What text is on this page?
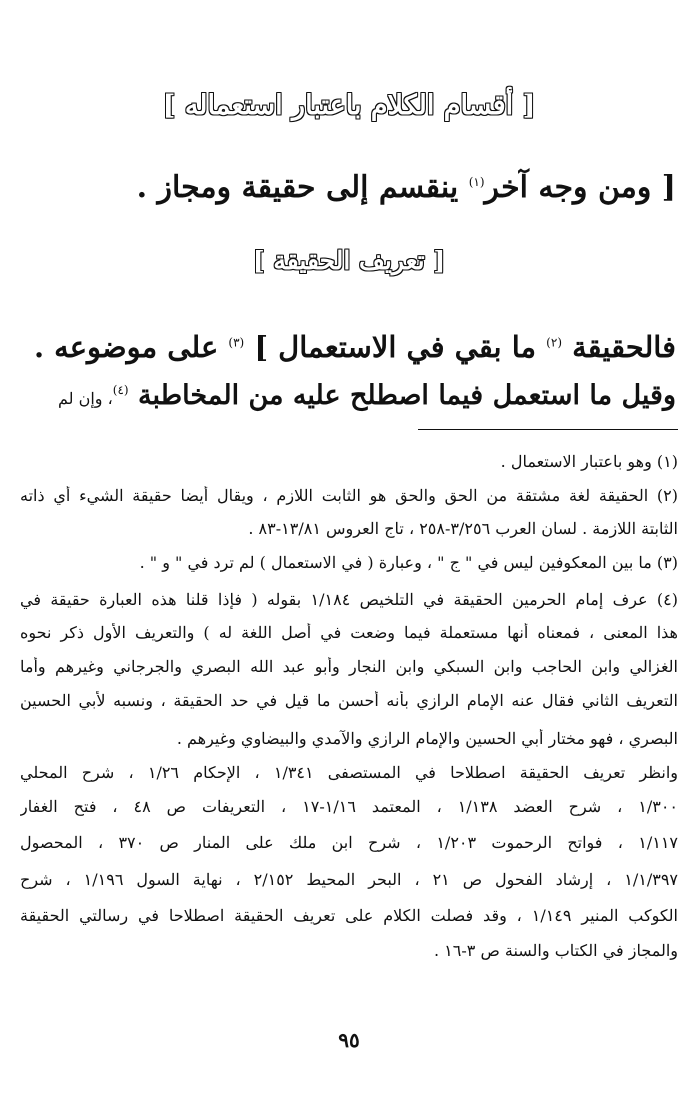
[ أقسام الكلام باعتبار استعماله ]
[ ومن وجه آخر$^{(١)}$ ينقسم إلى حقيقة ومجاز .
[ تعريف الحقيقة ]
فالحقيقة $^{(٢)}$ ما بقي في الاستعمال ] $^{(٣)}$ على موضوعه .
وقيل ما استعمل فيما اصطلح عليه من المخاطبة $^{(٤)}$، وإن لم
(١) وهو باعتبار الاستعمال .
(٢) الحقيقة لغة مشتقة من الحق والحق هو الثابت اللازم ، ويقال أيضا حقيقة الشيء أي ذاته
الثابتة اللازمة . لسان العرب ٣/٢٥٦-٢٥٨ ، تاج العروس ١٣/٨١-٨٣ .
(٣) ما بين المعكوفين ليس في " ج " ، وعبارة ( في الاستعمال ) لم ترد في " و " .
(٤) عرف إمام الحرمين الحقيقة في التلخيص ١/١٨٤ بقوله ( فإذا قلنا هذه العبارة حقيقة في
هذا المعنى ، فمعناه أنها مستعملة فيما وضعت في أصل اللغة له ) والتعريف الأول ذكر نحوه
الغزالي وابن الحاجب وابن السبكي وابن النجار وأبو عبد الله البصري والجرجاني وغيرهم وأما
التعريف الثاني فقال عنه الإمام الرازي بأنه أحسن ما قيل في حد الحقيقة ، ونسبه لأبي الحسين
البصري ، فهو مختار أبي الحسين والإمام الرازي والآمدي والبيضاوي وغيرهم .
وانظر تعريف الحقيقة اصطلاحا في المستصفى ١/٣٤١ ، الإحكام ١/٢٦ ، شرح المحلي
١/٣٠٠ ، شرح العضد ١/١٣٨ ، المعتمد ١/١٦-١٧ ، التعريفات ص ٤٨ ، فتح الغفار
١/١١٧ ، فواتح الرحموت ١/٢٠٣ ، شرح ابن ملك على المنار ص ٣٧٠ ، المحصول
١/١/٣٩٧ ، إرشاد الفحول ص ٢١ ، البحر المحيط ٢/١٥٢ ، نهاية السول ١/١٩٦ ، شرح
الكوكب المنير ١/١٤٩ ، وقد فصلت الكلام على تعريف الحقيقة اصطلاحا في رسالتي الحقيقة
والمجاز في الكتاب والسنة ص ٣-١٦ .
٩٥
